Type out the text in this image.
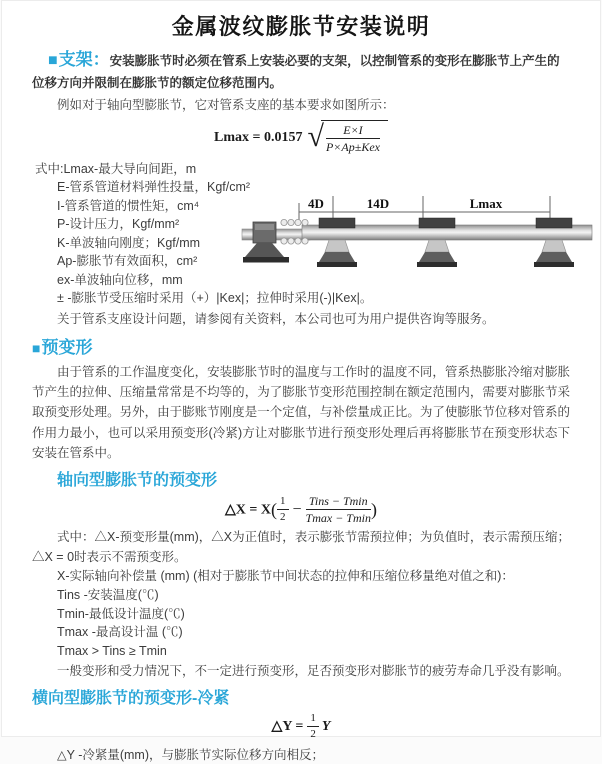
金属波纹膨胀节安装说明

■支架：安装膨胀节时必须在管系上安装必要的支架，以控制管系的变形在膨胀节上产生的位移方向并限制在膨胀节的额定位移范围内。

例如对于轴向型膨胀节，它对管系支座的基本要求如图所示：

Lmax = 0.0157 √ $\frac{E\times I}{\text{P×Ap±Kex}}$
式中:Lmax-最大导向间距，m
E-管系管道材料弹性投量，Kgf/cm²
I-管系管道的惯性矩，cm⁴
P-设计压力，Kgf/mm²
K-单波轴向刚度；Kgf/mm
Ap-膨胀节有效面积，cm²
ex-单波轴向位移，mm

± -膨胀节受压缩时采用（+）|Kex|；拉伸时采用(-)|Kex|。

关于管系支座设计问题，请参阅有关资料，本公司也可为用户提供咨询等服务。

■预变形

由于管系的工作温度变化，安装膨胀节时的温度与工作时的温度不同，管系热膨胀冷缩对膨胀节产生的拉伸、压缩量常常是不均等的，为了膨胀节变形范围控制在额定范围内，需要对膨胀节采取预变形处理。另外，由于膨账节刚度是一个定值，与补偿量成正比。为了使膨胀节位移对管系的作用力最小，也可以采用预变形(冷紧)方让对膨胀节进行预变形处理后再将膨胀节在预变形状态下安装在管系中。

轴向型膨胀节的预变形
△X = $X( \frac{1}{2} - \frac{\text{Tins − Tmin}}{Tmax - Tmin}$ )

式中：△X-预变形量(mm)，△X为正值时，表示膨张节需预拉伸；为负值时，表示需预压缩；△X = 0时表示不需预变形。

X-实际轴向补偿量 (mm) (相对于膨胀节中间状态的拉伸和压缩位移量绝对值之和)：

Tins -安装温度(℃)
Tmin-最低设计温度(℃)
Tmax -最高设计温 (℃)
Tmax > Tins ≥ Tmin

一般变形和受力情况下，不一定进行预变形，足否预变形对膨胀节的疲劳寿命几乎没有影响。

横向型膨胀节的预变形-冷紧
△Y = $\frac{1}{2}$ Y

△Y -冷紧量(mm)，与膨胀节实际位移方向相反；

4D	14D	Lmax
